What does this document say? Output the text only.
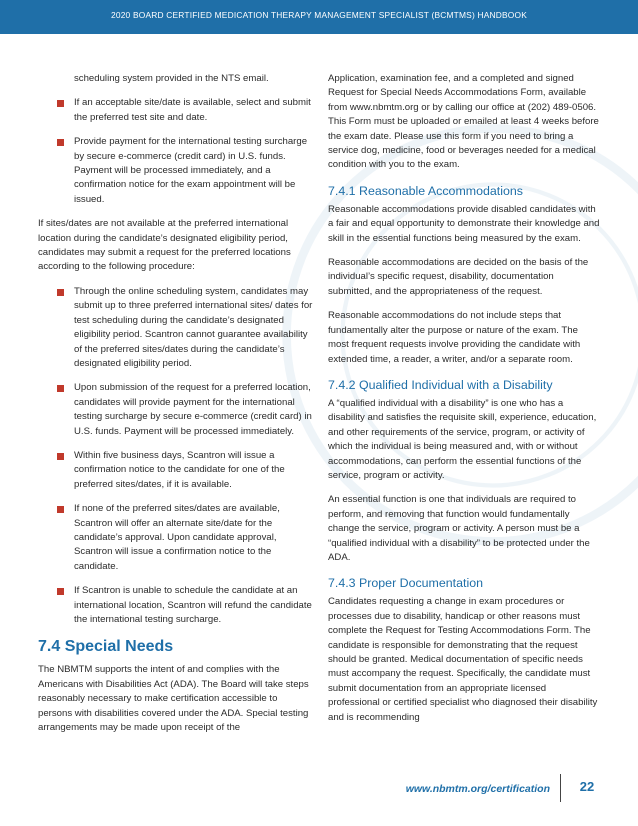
2020 BOARD CERTIFIED MEDICATION THERAPY MANAGEMENT SPECIALIST (BCMTMS) HANDBOOK

scheduling system provided in the NTS email.

If an acceptable site/date is available, select and submit the preferred test site and date.
Provide payment for the international testing surcharge by secure e-commerce (credit card) in U.S. funds. Payment will be processed immediately, and a confirmation notice for the exam appointment will be issued.

If sites/dates are not available at the preferred international location during the candidate’s designated eligibility period, candidates may submit a request for the preferred locations according to the following procedure:

Through the online scheduling system, candidates may submit up to three preferred international sites/ dates for test scheduling during the candidate’s designated eligibility period. Scantron cannot guarantee availability of the preferred sites/dates during the candidate’s designated eligibility period.
Upon submission of the request for a preferred location, candidates will provide payment for the international testing surcharge by secure e-commerce (credit card) in U.S. funds. Payment will be processed immediately.
Within five business days, Scantron will issue a confirmation notice to the candidate for one of the preferred sites/dates, if it is available.
If none of the preferred sites/dates are available, Scantron will offer an alternate site/date for the candidate’s approval. Upon candidate approval, Scantron will issue a confirmation notice to the candidate.
If Scantron is unable to schedule the candidate at an international location, Scantron will refund the candidate the international testing surcharge.
7.4 Special Needs

The NBMTM supports the intent of and complies with the Americans with Disabilities Act (ADA). The Board will take steps reasonably necessary to make certification accessible to persons with disabilities covered under the ADA. Special testing arrangements may be made upon receipt of the

Application, examination fee, and a completed and signed Request for Special Needs Accommodations Form, available from www.nbmtm.org or by calling our office at (202) 489-0506. This Form must be uploaded or emailed at least 4 weeks before the exam date. Please use this form if you need to bring a service dog, medicine, food or beverages needed for a medical condition with you to the exam.

7.4.1 Reasonable Accommodations

Reasonable accommodations provide disabled candidates with a fair and equal opportunity to demonstrate their knowledge and skill in the essential functions being measured by the exam.

Reasonable accommodations are decided on the basis of the individual’s specific request, disability, documentation submitted, and the appropriateness of the request.

Reasonable accommodations do not include steps that fundamentally alter the purpose or nature of the exam. The most frequent requests involve providing the candidate with extended time, a reader, a writer, and/or a separate room.

7.4.2 Qualified Individual with a Disability

A “qualified individual with a disability” is one who has a disability and satisfies the requisite skill, experience, education, and other requirements of the service, program, or activity of which the individual is being measured and, with or without accommodations, can perform the essential functions of the service, program or activity.

An essential function is one that individuals are required to perform, and removing that function would fundamentally change the service, program or activity. A person must be a “qualified individual with a disability” to be protected under the ADA.

7.4.3 Proper Documentation

Candidates requesting a change in exam procedures or processes due to disability, handicap or other reasons must complete the Request for Testing Accommodations Form. The candidate is responsible for demonstrating that the request should be granted. Medical documentation of specific needs must accompany the request. Specifically, the candidate must submit documentation from an appropriate licensed professional or certified specialist who diagnosed their disability and is recommending

www.nbmtm.org/certification	22
